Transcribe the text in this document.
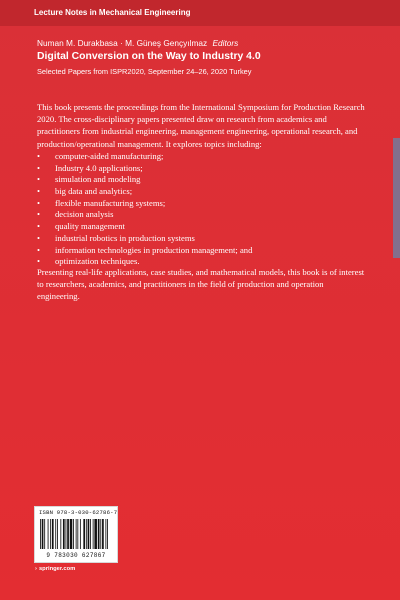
Lecture Notes in Mechanical Engineering
Numan M. Durakbasa · M. Güneş Gençyılmaz Editors
Digital Conversion on the Way to Industry 4.0
Selected Papers from ISPR2020, September 24–26, 2020 Turkey
This book presents the proceedings from the International Symposium for Production Research 2020. The cross-disciplinary papers presented draw on research from academics and practitioners from industrial engineering, management engineering, operational research, and production/operational management. It explores topics including:
•	computer-aided manufacturing;
•	Industry 4.0 applications;
•	simulation and modeling
•	big data and analytics;
•	flexible manufacturing systems;
•	decision analysis
•	quality management
•	industrial robotics in production systems
•	information technologies in production management; and
•	optimization techniques.
Presenting real-life applications, case studies, and mathematical models, this book is of interest to researchers, academics, and practitioners in the field of production and operation engineering.
ISBN 978-3-030-62786-7
9 783030 627867
› springer.com
